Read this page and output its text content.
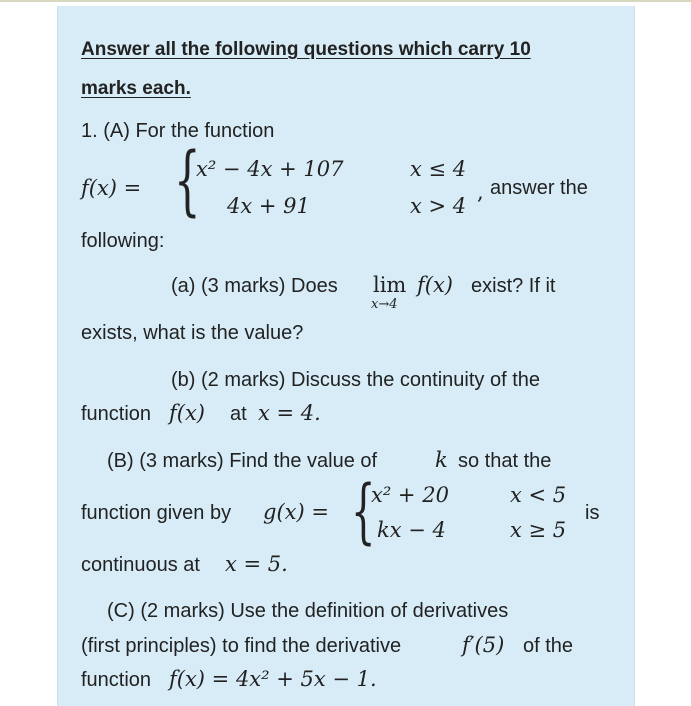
Answer all the following questions which carry 10
marks each.
1. (A) For the function
f(x) = {
x² − 4x + 107	x ≤ 4
4x + 91	x > 4
, answer the
following:
(a) (3 marks) Does lim
x→4
f(x) exist? If it
exists, what is the value?
(b) (2 marks) Discuss the continuity of the
function f(x) at x = 4.
(B) (3 marks) Find the value of	k so that the
function given by g(x) = {
x² + 20	x < 5
kx − 4	x ≥ 5
is
continuous at x = 5.
(C) (2 marks) Use the definition of derivatives
(first principles) to find the derivative	f′(5) of the
function f(x) = 4x² + 5x − 1.
